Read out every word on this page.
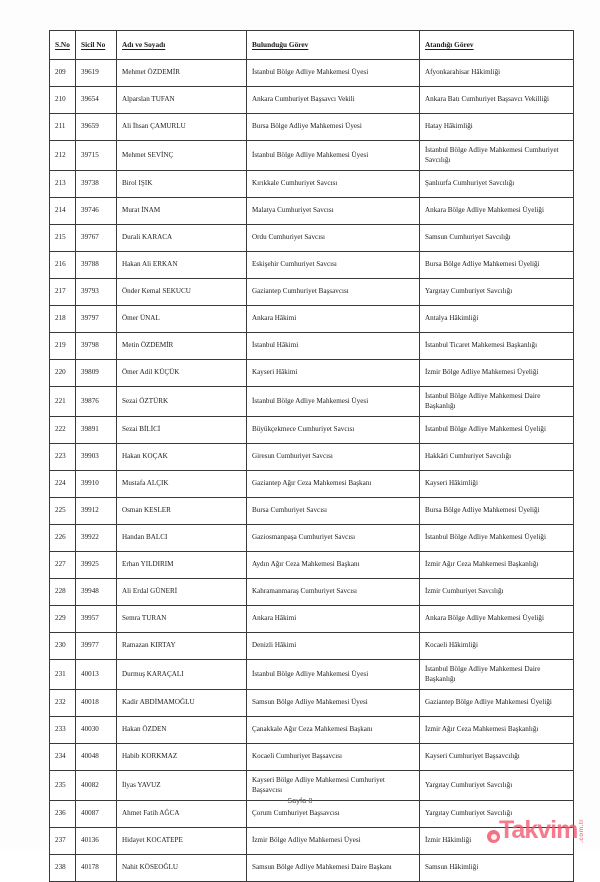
S.No	Sicil No	Adı ve Soyadı	Bulunduğu Görev	Atandığı Görev
209	39619	Mehmet ÖZDEMİR	İstanbul Bölge Adliye Mahkemesi Üyesi	Afyonkarahisar Hâkimliği
210	39654	Alparslan TUFAN	Ankara Cumhuriyet Başsavcı Vekili	Ankara Batı Cumhuriyet Başsavcı Vekilliği
211	39659	Ali İhsan ÇAMURLU	Bursa Bölge Adliye Mahkemesi Üyesi	Hatay Hâkimliği
212	39715	Mehmet SEVİNÇ	İstanbul Bölge Adliye Mahkemesi Üyesi	İstanbul Bölge Adliye Mahkemesi Cumhuriyet Savcılığı
213	39738	Birol IŞIK	Kırıkkale Cumhuriyet Savcısı	Şanlıurfa Cumhuriyet Savcılığı
214	39746	Murat İNAM	Malatya Cumhuriyet Savcısı	Ankara Bölge Adliye Mahkemesi Üyeliği
215	39767	Durali KARACA	Ordu Cumhuriyet Savcısı	Samsun Cumhuriyet Savcılığı
216	39788	Hakan Ali ERKAN	Eskişehir Cumhuriyet Savcısı	Bursa Bölge Adliye Mahkemesi Üyeliği
217	39793	Önder Kemal SEKUCU	Gaziantep Cumhuriyet Başsavcısı	Yargıtay Cumhuriyet Savcılığı
218	39797	Ömer ÜNAL	Ankara Hâkimi	Antalya Hâkimliği
219	39798	Metin ÖZDEMİR	İstanbul Hâkimi	İstanbul Ticaret Mahkemesi Başkanlığı
220	39809	Ömer Adil KÜÇÜK	Kayseri Hâkimi	İzmir Bölge Adliye Mahkemesi Üyeliği
221	39876	Sezai ÖZTÜRK	İstanbul Bölge Adliye Mahkemesi Üyesi	İstanbul Bölge Adliye Mahkemesi Daire Başkanlığı
222	39891	Sezai BİLİCİ	Büyükçekmece Cumhuriyet Savcısı	İstanbul Bölge Adliye Mahkemesi Üyeliği
223	39903	Hakan KOÇAK	Giresun Cumhuriyet Savcısı	Hakkâri Cumhuriyet Savcılığı
224	39910	Mustafa ALÇIK	Gaziantep Ağır Ceza Mahkemesi Başkanı	Kayseri Hâkimliği
225	39912	Osman KESLER	Bursa Cumhuriyet Savcısı	Bursa Bölge Adliye Mahkemesi Üyeliği
226	39922	Handan BALCI	Gaziosmanpaşa Cumhuriyet Savcısı	İstanbul Bölge Adliye Mahkemesi Üyeliği
227	39925	Erhan YILDIRIM	Aydın Ağır Ceza Mahkemesi Başkanı	İzmir Ağır Ceza Mahkemesi Başkanlığı
228	39948	Ali Erdal GÜNERİ	Kahramanmaraş Cumhuriyet Savcısı	İzmir Cumhuriyet Savcılığı
229	39957	Semra TURAN	Ankara Hâkimi	Ankara Bölge Adliye Mahkemesi Üyeliği
230	39977	Ramazan KIRTAY	Denizli Hâkimi	Kocaeli Hâkimliği
231	40013	Durmuş KARAÇALI	İstanbul Bölge Adliye Mahkemesi Üyesi	İstanbul Bölge Adliye Mahkemesi Daire Başkanlığı
232	40018	Kadir ABDİMAMOĞLU	Samsun Bölge Adliye Mahkemesi Üyesi	Gaziantep Bölge Adliye Mahkemesi Üyeliği
233	40030	Hakan ÖZDEN	Çanakkale Ağır Ceza Mahkemesi Başkanı	İzmir Ağır Ceza Mahkemesi Başkanlığı
234	40048	Habib KORKMAZ	Kocaeli Cumhuriyet Başsavcısı	Kayseri Cumhuriyet Başsavcılığı
235	40082	İlyas YAVUZ	Kayseri Bölge Adliye Mahkemesi Cumhuriyet Başsavcısı	Yargıtay Cumhuriyet Savcılığı
236	40087	Ahmet Fatih AĞCA	Çorum Cumhuriyet Başsavcısı	Yargıtay Cumhuriyet Savcılığı
237	40136	Hidayet KOCATEPE	İzmir Bölge Adliye Mahkemesi Üyesi	İzmir Hâkimliği
238	40178	Nahit KÖSEOĞLU	Samsun Bölge Adliye Mahkemesi Daire Başkanı	Samsun Hâkimliği
Sayfa 8
Takvim .com.tr
